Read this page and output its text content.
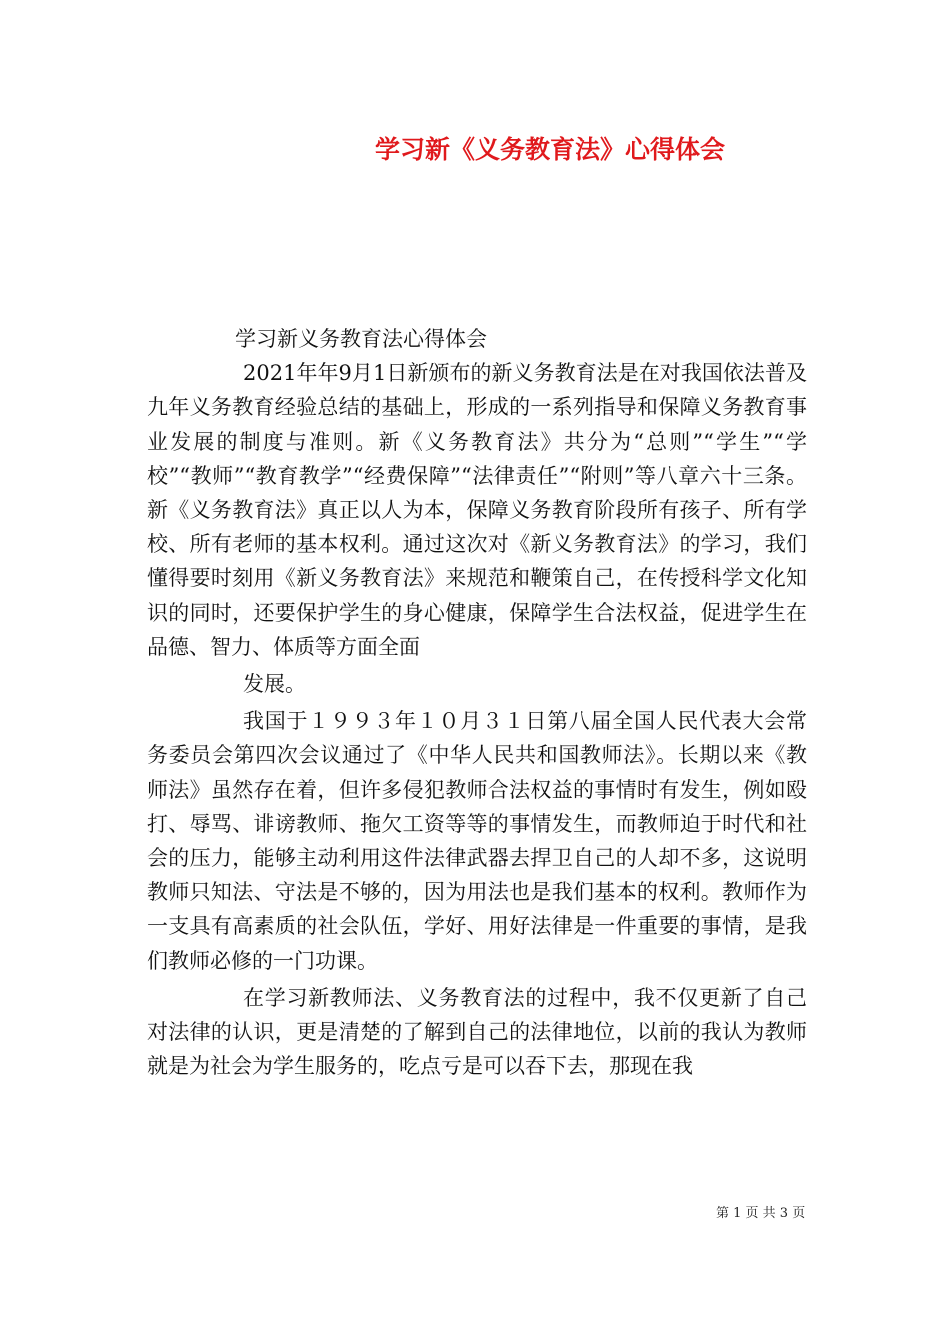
学习新《义务教育法》心得体会

学习新义务教育法心得体会

2021年年9月1日新颁布的新义务教育法是在对我国依法普及九年义务教育经验总结的基础上，形成的一系列指导和保障义务教育事业发展的制度与准则。新《义务教育法》共分为“总则”“学生”“学校”“教师”“教育教学”“经费保障”“法律责任”“附则”等八章六十三条。新《义务教育法》真正以人为本，保障义务教育阶段所有孩子、所有学校、所有老师的基本权利。通过这次对《新义务教育法》的学习，我们懂得要时刻用《新义务教育法》来规范和鞭策自己，在传授科学文化知识的同时，还要保护学生的身心健康，保障学生合法权益，促进学生在品德、智力、体质等方面全面

发展。

我国于１９９３年１０月３１日第八届全国人民代表大会常务委员会第四次会议通过了《中华人民共和国教师法》。长期以来《教师法》虽然存在着，但许多侵犯教师合法权益的事情时有发生，例如殴打、辱骂、诽谤教师、拖欠工资等等的事情发生，而教师迫于时代和社会的压力，能够主动利用这件法律武器去捍卫自己的人却不多，这说明教师只知法、守法是不够的，因为用法也是我们基本的权利。教师作为一支具有高素质的社会队伍，学好、用好法律是一件重要的事情，是我们教师必修的一门功课。

在学习新教师法、义务教育法的过程中，我不仅更新了自己对法律的认识，更是清楚的了解到自己的法律地位，以前的我认为教师就是为社会为学生服务的，吃点亏是可以吞下去，那现在我

第 1 页 共 3 页
